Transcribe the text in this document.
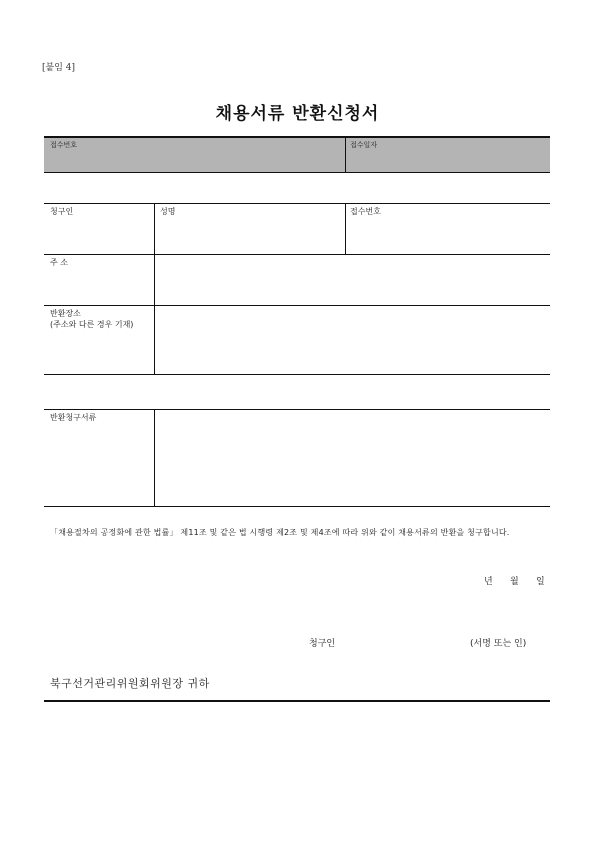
[붙임 4]
채용서류 반환신청서
접수번호	접수일자
청구인	성명	접수번호
주 소
반환장소
(주소와 다른 경우 기재)
반환청구서류
「채용절차의 공정화에 관한 법률」 제11조 및 같은 법 시행령 제2조 및 제4조에 따라 위와 같이 채용서류의 반환을 청구합니다.
년 월 일
청구인	(서명 또는 인)
북구선거관리위원회위원장 귀하
